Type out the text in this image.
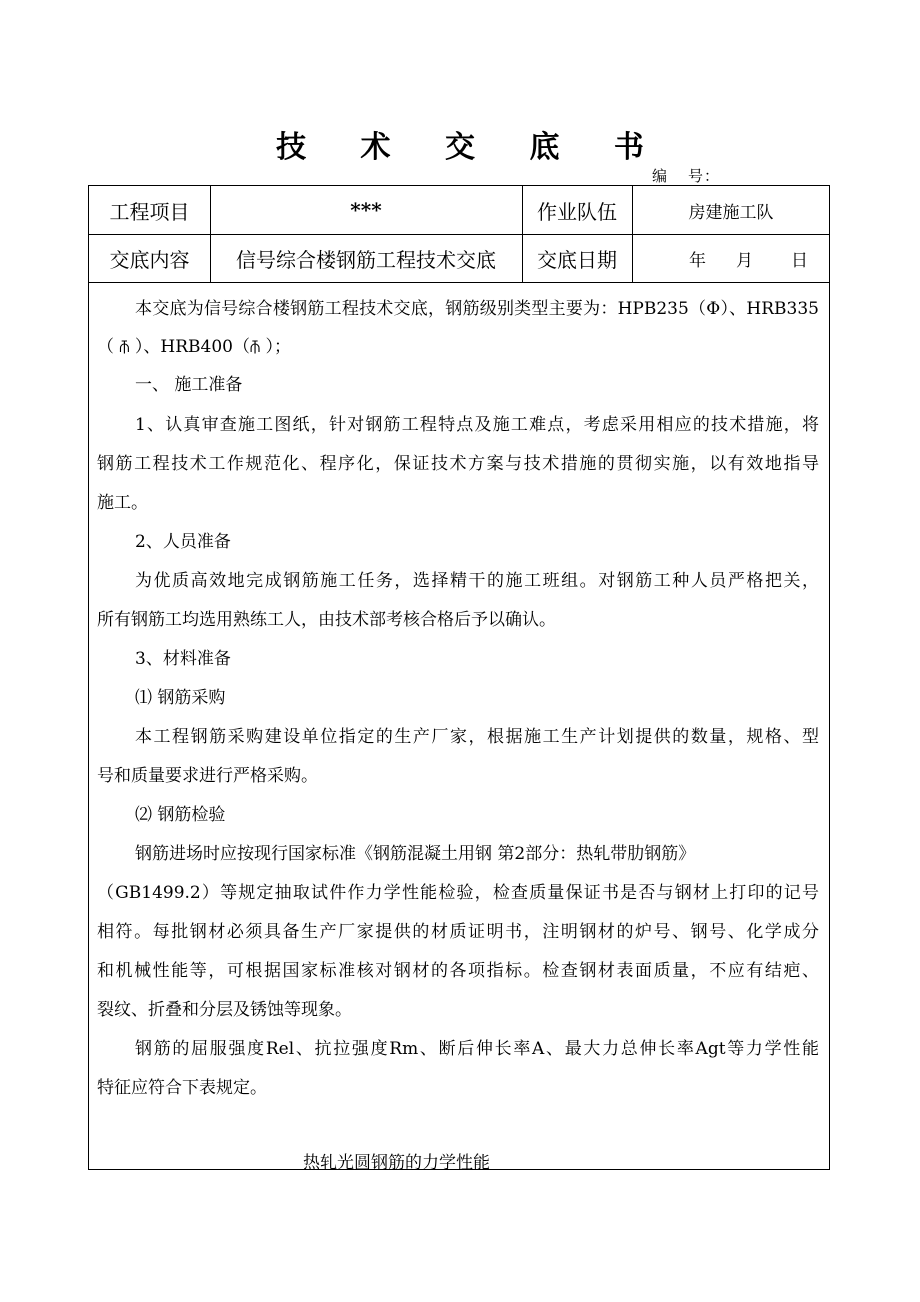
技 术 交 底 书
编 号：
工程项目	***	作业队伍	房建施工队
交底内容	信号综合楼钢筋工程技术交底	交底日期	年 月 日
本交底为信号综合楼钢筋工程技术交底，钢筋级别类型主要为：HPB235（Φ）、HRB335
（ ⫚ ）、HRB400（⫚ ）；
一、 施工准备
1、认真审查施工图纸，针对钢筋工程特点及施工难点，考虑采用相应的技术措施，将
钢筋工程技术工作规范化、程序化，保证技术方案与技术措施的贯彻实施，以有效地指导
施工。
2、人员准备
为优质高效地完成钢筋施工任务，选择精干的施工班组。对钢筋工种人员严格把关，
所有钢筋工均选用熟练工人，由技术部考核合格后予以确认。
3、材料准备
⑴ 钢筋采购
本工程钢筋采购建设单位指定的生产厂家，根据施工生产计划提供的数量，规格、型
号和质量要求进行严格采购。
⑵ 钢筋检验
钢筋进场时应按现行国家标准《钢筋混凝土用钢 第2部分：热轧带肋钢筋》
（GB1499.2）等规定抽取试件作力学性能检验，检查质量保证书是否与钢材上打印的记号
相符。每批钢材必须具备生产厂家提供的材质证明书，注明钢材的炉号、钢号、化学成分
和机械性能等，可根据国家标准核对钢材的各项指标。检查钢材表面质量，不应有结疤、
裂纹、折叠和分层及锈蚀等现象。
钢筋的屈服强度Rel、抗拉强度Rm、断后伸长率A、最大力总伸长率Agt等力学性能
特征应符合下表规定。
热轧光圆钢筋的力学性能
